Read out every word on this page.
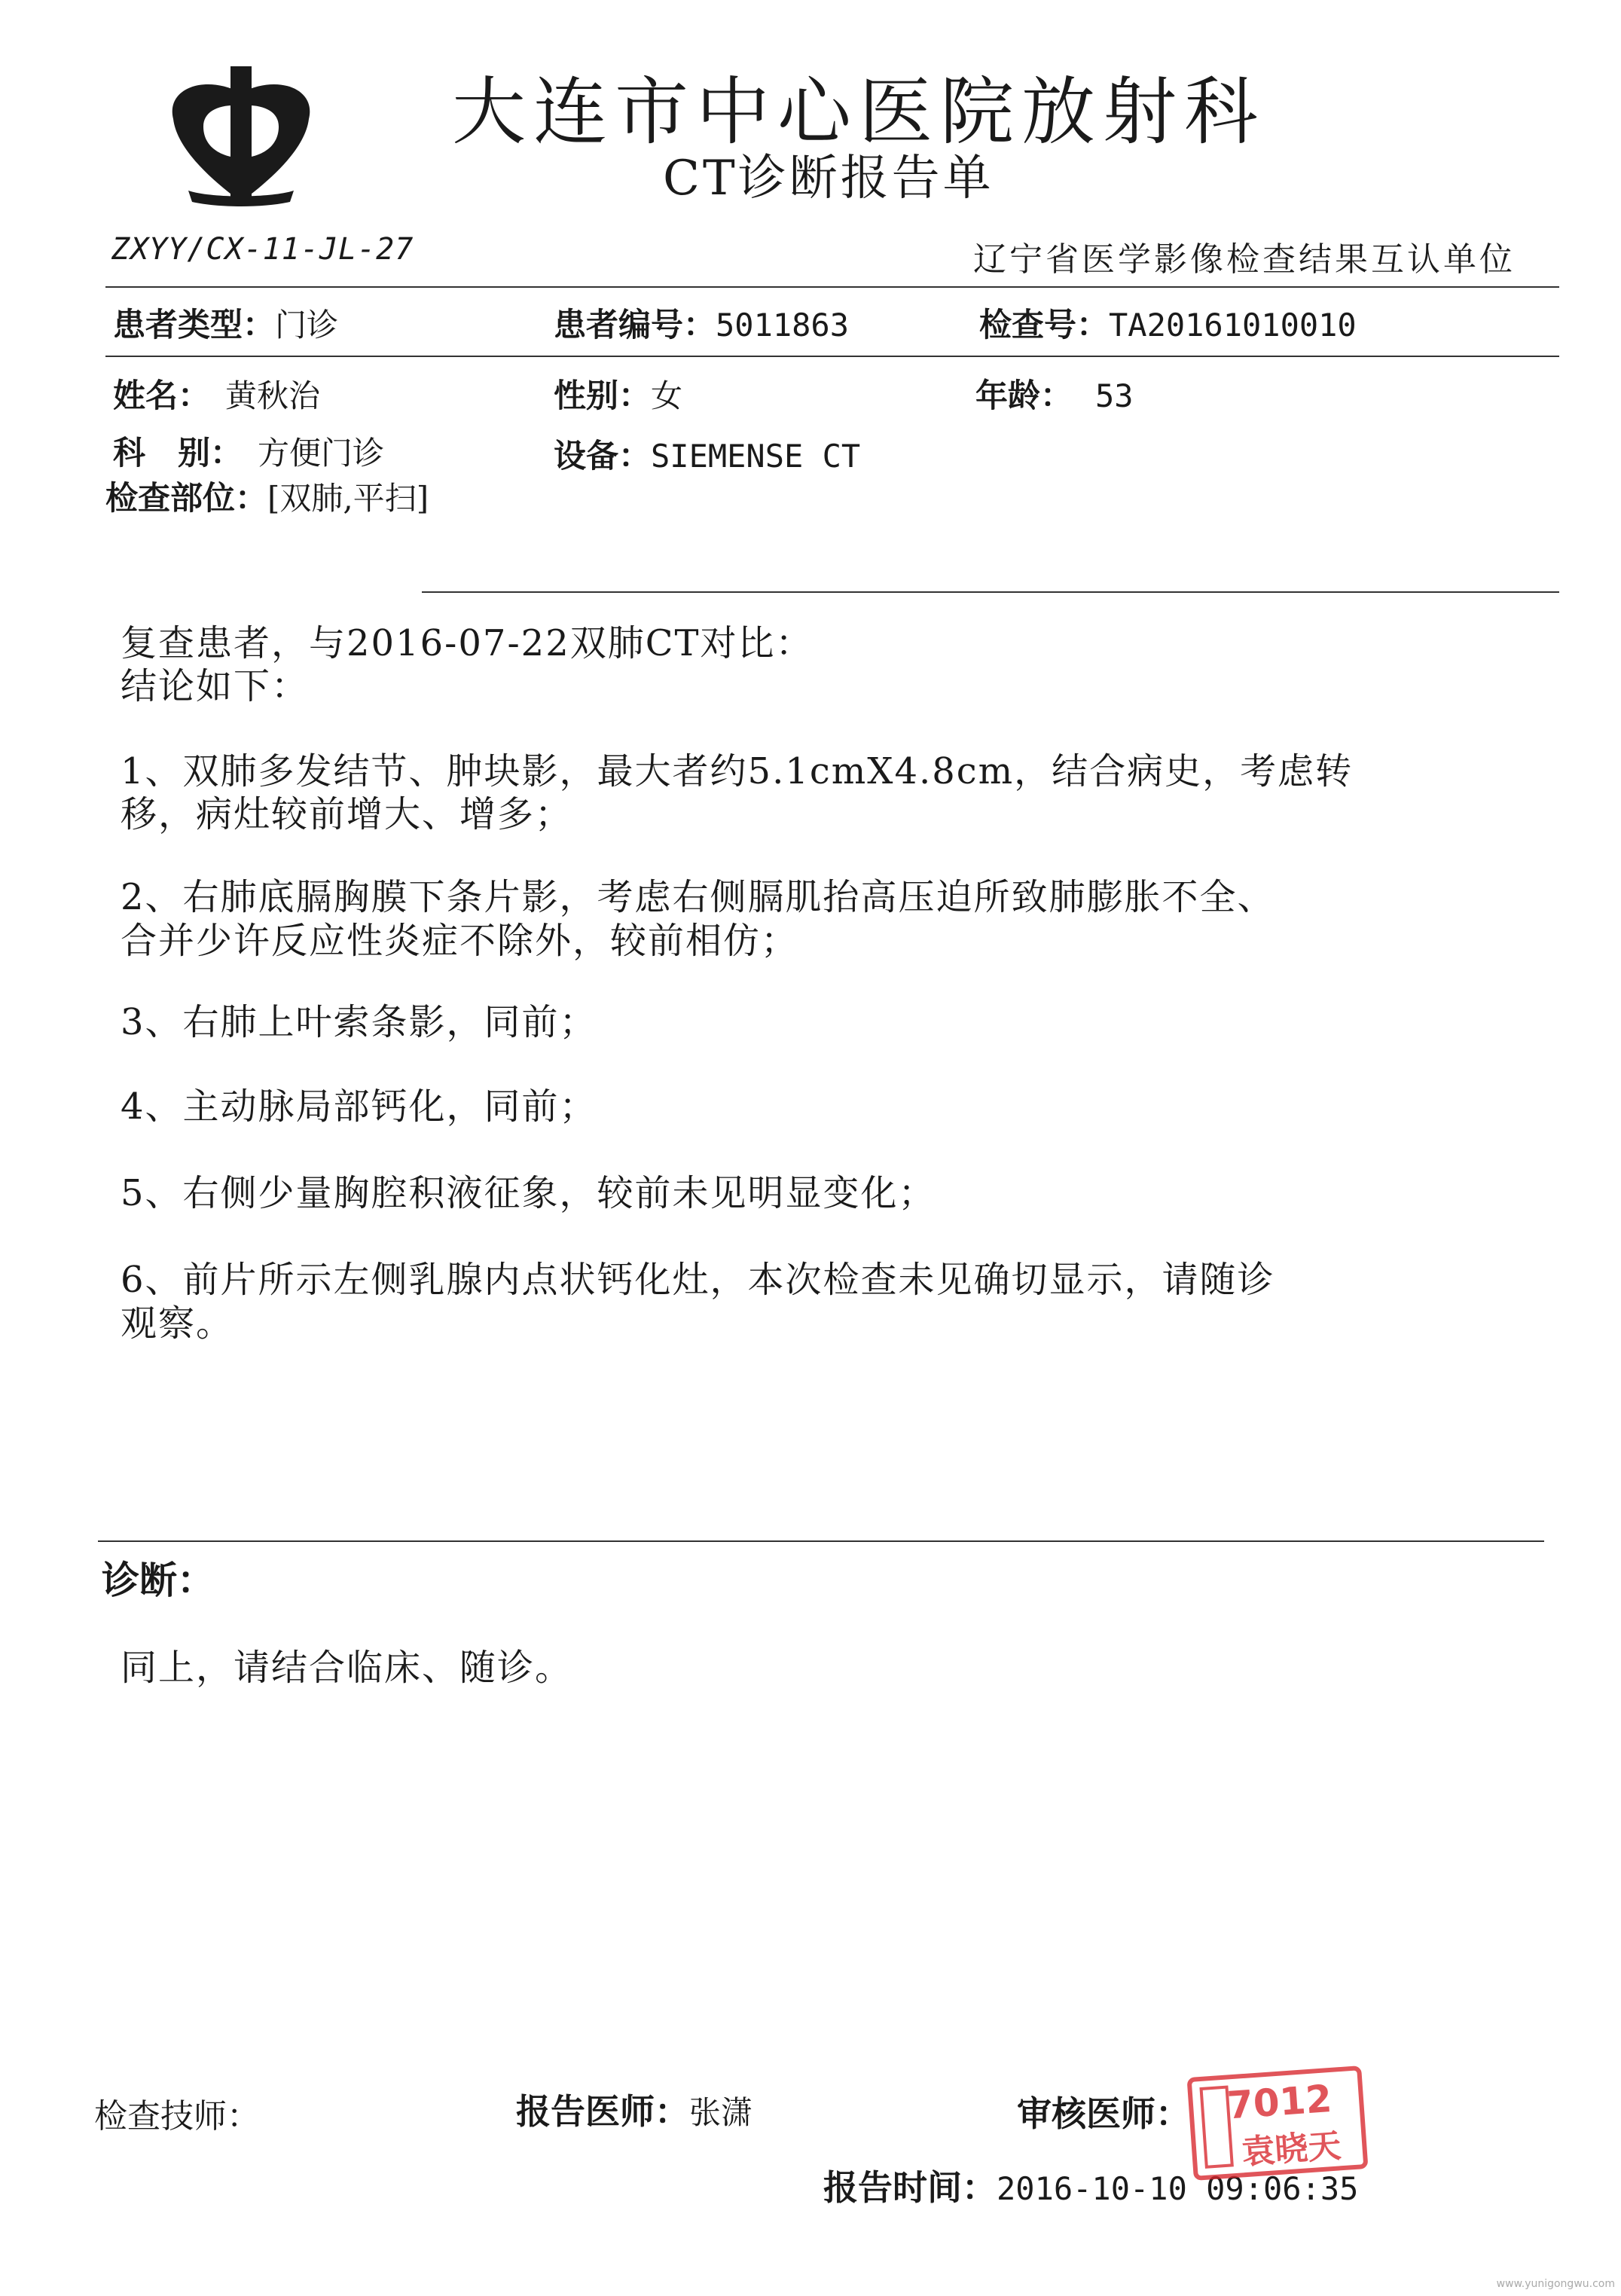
大连市中心医院放射科
CT诊断报告单
ZXYY/CX-11-JL-27	辽宁省医学影像检查结果互认单位
患者类型：门诊	患者编号：5011863	检查号：TA20161010010
姓名： 黄秋治	性别：女	年龄： 53
科　别： 方便门诊	设备：SIEMENSE CT
检查部位：[双肺,平扫]
复查患者，与2016-07-22双肺CT对比：
结论如下：
1、双肺多发结节、肿块影，最大者约5.1cmX4.8cm，结合病史，考虑转
移，病灶较前增大、增多；
2、右肺底膈胸膜下条片影，考虑右侧膈肌抬高压迫所致肺膨胀不全、
合并少许反应性炎症不除外，较前相仿；
3、右肺上叶索条影，同前；
4、主动脉局部钙化，同前；
5、右侧少量胸腔积液征象，较前未见明显变化；
6、前片所示左侧乳腺内点状钙化灶，本次检查未见确切显示，请随诊
观察。
诊断：
同上，请结合临床、随诊。
检查技师：	报告医师：张潇	审核医师：
报告时间：2016-10-10 09:06:35
7012
袁晓天
www.yunigongwu.com
